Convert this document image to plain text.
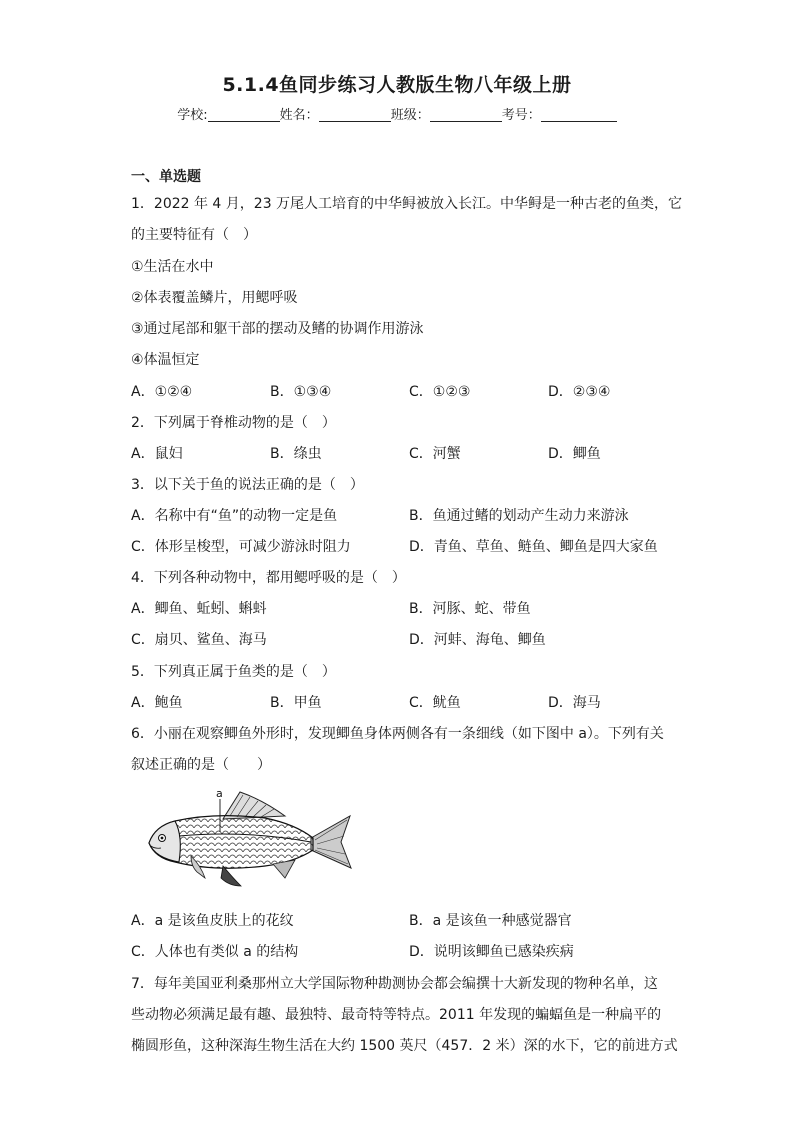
5.1.4鱼同步练习人教版生物八年级上册
学校:	姓名：	班级：	考号：
一、单选题
1．2022 年 4 月，23 万尾人工培育的中华鲟被放入长江。中华鲟是一种古老的鱼类，它
的主要特征有（　）
①生活在水中
②体表覆盖鳞片，用鳃呼吸
③通过尾部和躯干部的摆动及鳍的协调作用游泳
④体温恒定
A．①②④	B．①③④	C．①②③	D．②③④
2．下列属于脊椎动物的是（　）
A．鼠妇	B．绦虫	C．河蟹	D．鲫鱼
3．以下关于鱼的说法正确的是（　）
A．名称中有“鱼”的动物一定是鱼	B．鱼通过鳍的划动产生动力来游泳
C．体形呈梭型，可减少游泳时阻力	D．青鱼、草鱼、鲢鱼、鲫鱼是四大家鱼
4．下列各种动物中，都用鳃呼吸的是（　）
A．鲫鱼、蚯蚓、蝌蚪	B．河豚、蛇、带鱼
C．扇贝、鲨鱼、海马	D．河蚌、海龟、鲫鱼
5．下列真正属于鱼类的是（　）
A．鲍鱼	B．甲鱼	C．鱿鱼	D．海马
6．小丽在观察鲫鱼外形时，发现鲫鱼身体两侧各有一条细线（如下图中 a）。下列有关
叙述正确的是（　　）
a
A．a 是该鱼皮肤上的花纹	B．a 是该鱼一种感觉器官
C．人体也有类似 a 的结构	D．说明该鲫鱼已感染疾病
7．每年美国亚利桑那州立大学国际物种勘测协会都会编撰十大新发现的物种名单，这
些动物必须满足最有趣、最独特、最奇特等特点。2011 年发现的蝙蝠鱼是一种扁平的
椭圆形鱼，这种深海生物生活在大约 1500 英尺（457．2 米）深的水下，它的前进方式
